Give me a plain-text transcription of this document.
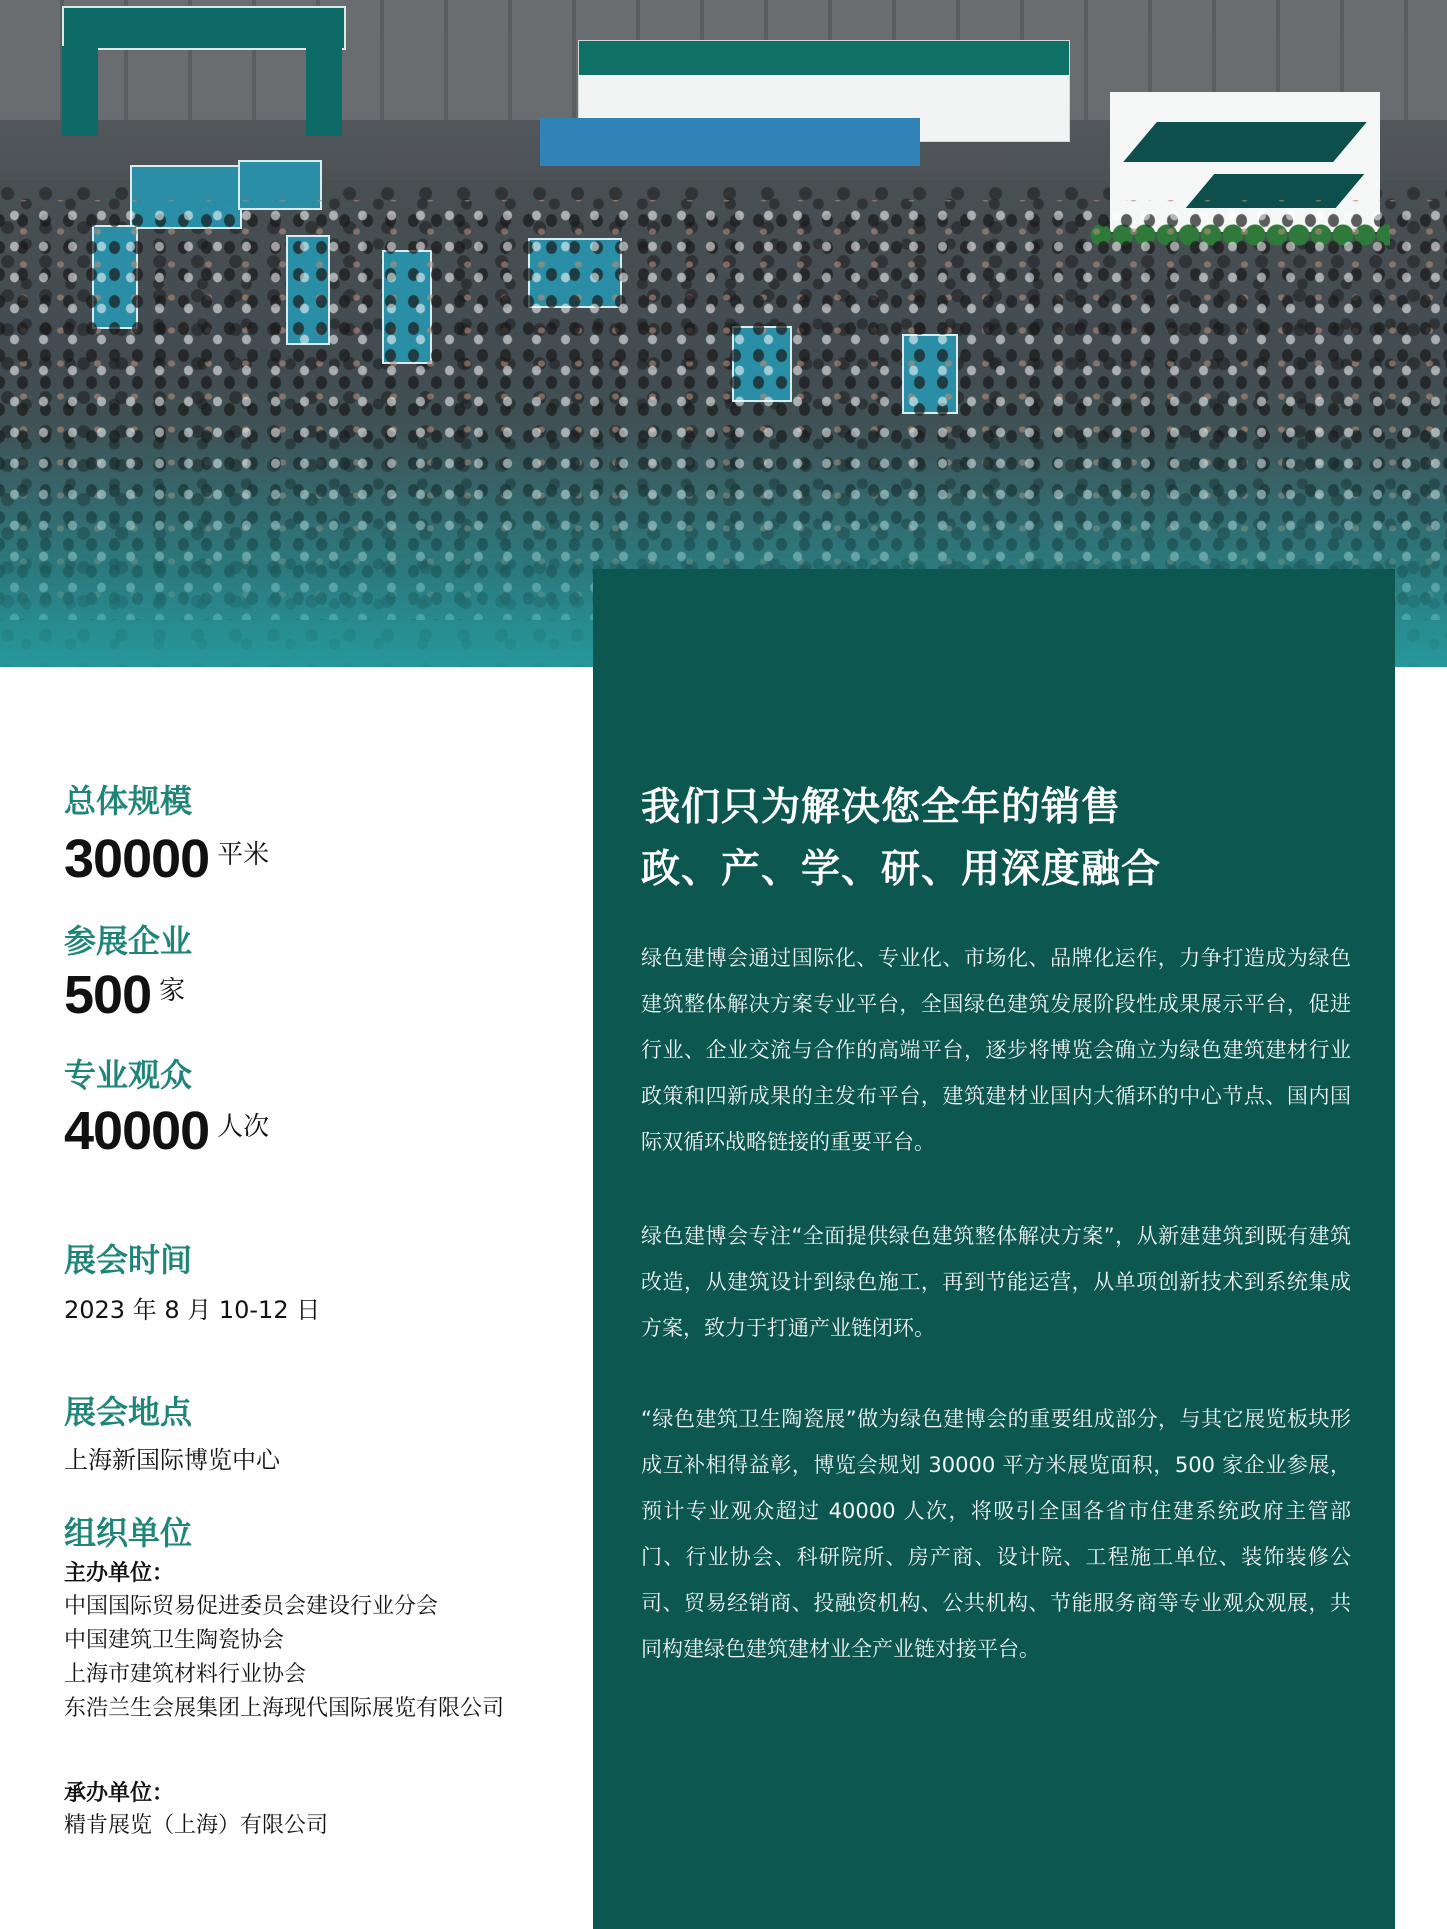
总体规模
30000 平米
参展企业
500 家
专业观众
40000 人次
展会时间

2023 年 8 月 10-12 日

展会地点

上海新国际博览中心

组织单位

主办单位：

中国国际贸易促进委员会建设行业分会
中国建筑卫生陶瓷协会
上海市建筑材料行业协会
东浩兰生会展集团上海现代国际展览有限公司

承办单位：

精肯展览（上海）有限公司

我们只为解决您全年的销售
政、产、学、研、用深度融合

绿色建博会通过国际化、专业化、市场化、品牌化运作，力争打造成为绿色建筑整体解决方案专业平台，全国绿色建筑发展阶段性成果展示平台，促进行业、企业交流与合作的高端平台，逐步将博览会确立为绿色建筑建材行业政策和四新成果的主发布平台，建筑建材业国内大循环的中心节点、国内国际双循环战略链接的重要平台。

绿色建博会专注“全面提供绿色建筑整体解决方案”，从新建建筑到既有建筑改造，从建筑设计到绿色施工，再到节能运营，从单项创新技术到系统集成方案，致力于打通产业链闭环。

“绿色建筑卫生陶瓷展”做为绿色建博会的重要组成部分，与其它展览板块形成互补相得益彰，博览会规划 30000 平方米展览面积，500 家企业参展，预计专业观众超过 40000 人次，将吸引全国各省市住建系统政府主管部门、行业协会、科研院所、房产商、设计院、工程施工单位、装饰装修公司、贸易经销商、投融资机构、公共机构、节能服务商等专业观众观展，共同构建绿色建筑建材业全产业链对接平台。
